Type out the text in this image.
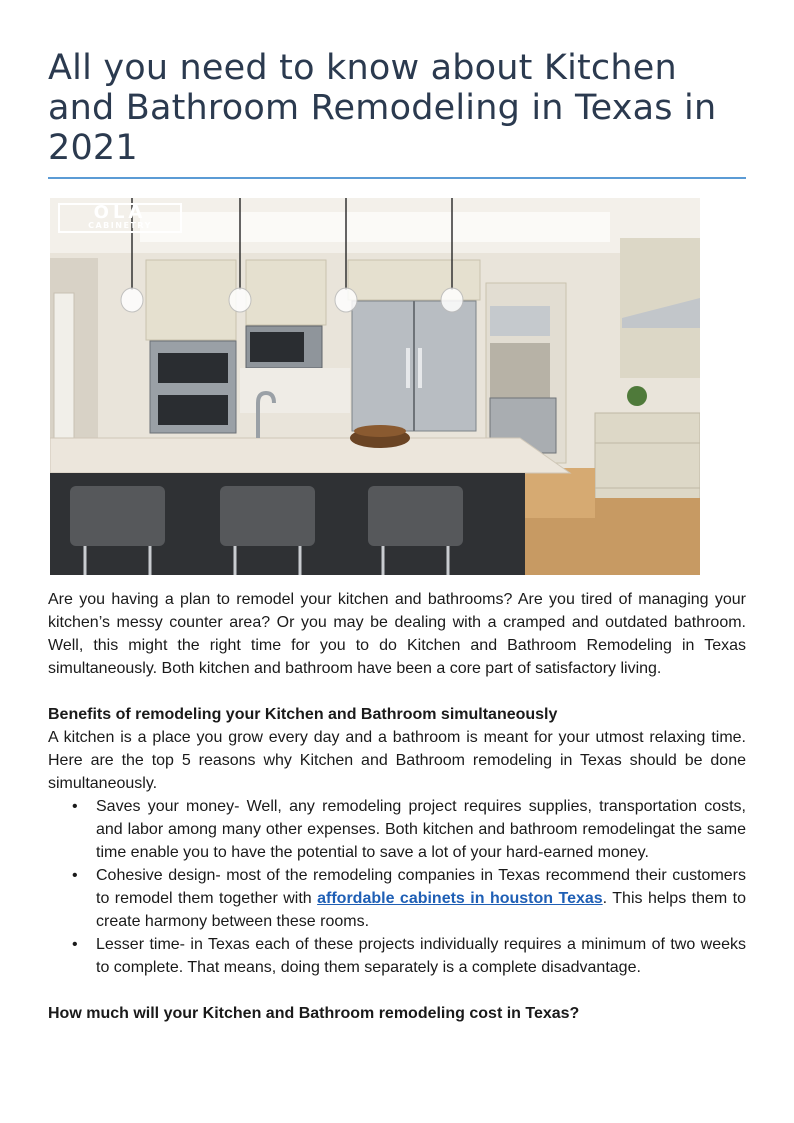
All you need to know about Kitchen and Bathroom Remodeling in Texas in 2021
OLA
CABINETRY

Are you having a plan to remodel your kitchen and bathrooms? Are you tired of managing your kitchen’s messy counter area? Or you may be dealing with a cramped and outdated bathroom. Well, this might the right time for you to do Kitchen and Bathroom Remodeling in Texas simultaneously. Both kitchen and bathroom have been a core part of satisfactory living.

Benefits of remodeling your Kitchen and Bathroom simultaneously

A kitchen is a place you grow every day and a bathroom is meant for your utmost relaxing time. Here are the top 5 reasons why Kitchen and Bathroom remodeling in Texas should be done simultaneously.

• Saves your money- Well, any remodeling project requires supplies, transportation costs, and labor among many other expenses. Both kitchen and bathroom remodelingat the same time enable you to have the potential to save a lot of your hard-earned money.
• Cohesive design- most of the remodeling companies in Texas recommend their customers to remodel them together with affordable cabinets in houston Texas. This helps them to create harmony between these rooms.
• Lesser time- in Texas each of these projects individually requires a minimum of two weeks to complete. That means, doing them separately is a complete disadvantage.
How much will your Kitchen and Bathroom remodeling cost in Texas?
